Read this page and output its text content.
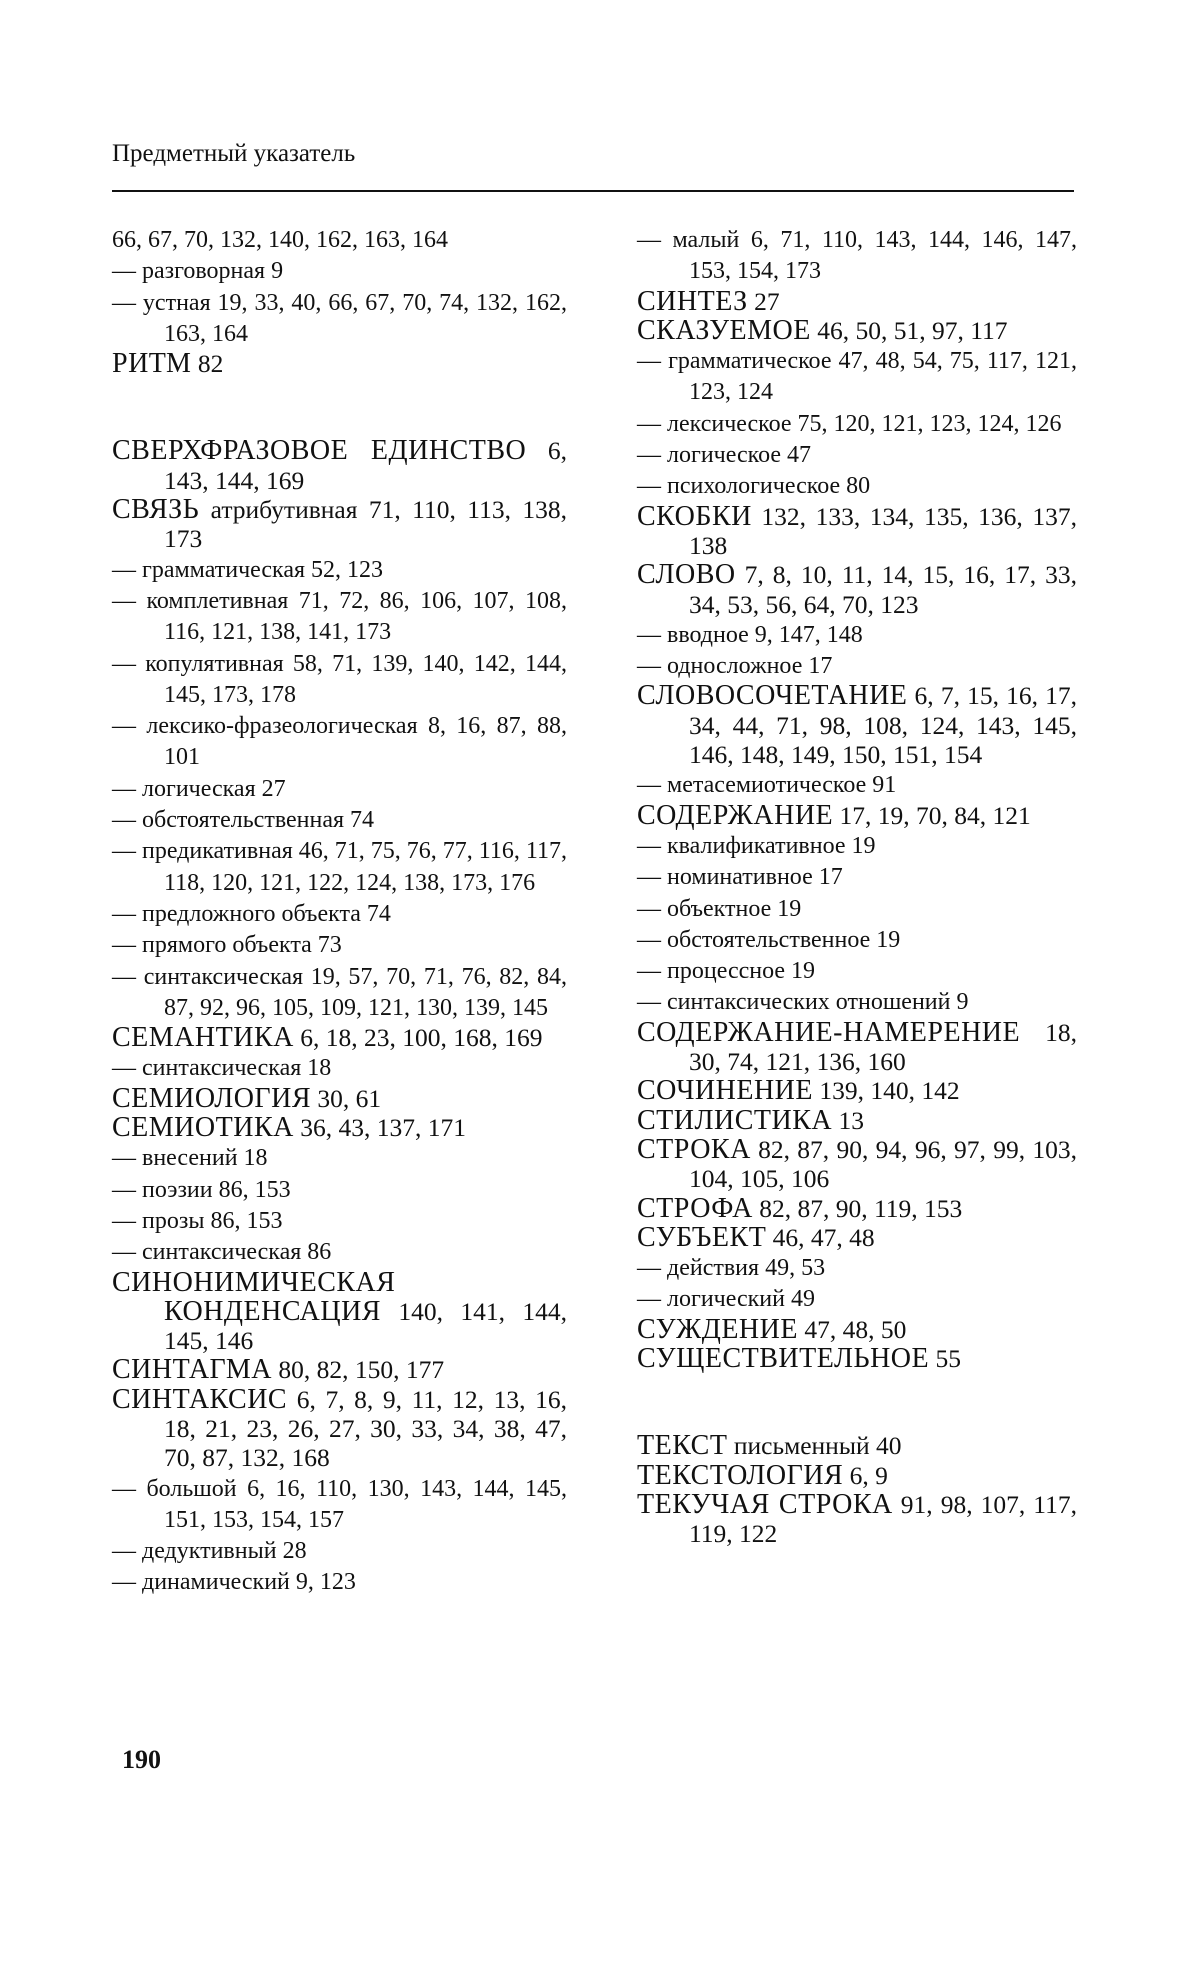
Предметный указатель
66, 67, 70, 132, 140, 162, 163, 164
— разговорная 9
— устная 19, 33, 40, 66, 67, 70, 74, 132, 162, 163, 164
РИТМ 82
СВЕРХФРАЗОВОЕ ЕДИНСТВО 6, 143, 144, 169
СВЯЗЬ атрибутивная 71, 110, 113, 138, 173
— грамматическая 52, 123
— комплетивная 71, 72, 86, 106, 107, 108, 116, 121, 138, 141, 173
— копулятивная 58, 71, 139, 140, 142, 144, 145, 173, 178
— лексико-фразеологическая 8, 16, 87, 88, 101
— логическая 27
— обстоятельственная 74
— предикативная 46, 71, 75, 76, 77, 116, 117, 118, 120, 121, 122, 124, 138, 173, 176
— предложного объекта 74
— прямого объекта 73
— синтаксическая 19, 57, 70, 71, 76, 82, 84, 87, 92, 96, 105, 109, 121, 130, 139, 145
СЕМАНТИКА 6, 18, 23, 100, 168, 169
— синтаксическая 18
СЕМИОЛОГИЯ 30, 61
СЕМИОТИКА 36, 43, 137, 171
— внесений 18
— поэзии 86, 153
— прозы 86, 153
— синтаксическая 86
СИНОНИМИЧЕСКАЯ КОНДЕНСАЦИЯ 140, 141, 144, 145, 146
СИНТАГМА 80, 82, 150, 177
СИНТАКСИС 6, 7, 8, 9, 11, 12, 13, 16, 18, 21, 23, 26, 27, 30, 33, 34, 38, 47, 70, 87, 132, 168
— большой 6, 16, 110, 130, 143, 144, 145, 151, 153, 154, 157
— дедуктивный 28
— динамический 9, 123
— малый 6, 71, 110, 143, 144, 146, 147, 153, 154, 173
СИНТЕЗ 27
СКАЗУЕМОЕ 46, 50, 51, 97, 117
— грамматическое 47, 48, 54, 75, 117, 121, 123, 124
— лексическое 75, 120, 121, 123, 124, 126
— логическое 47
— психологическое 80
СКОБКИ 132, 133, 134, 135, 136, 137, 138
СЛОВО 7, 8, 10, 11, 14, 15, 16, 17, 33, 34, 53, 56, 64, 70, 123
— вводное 9, 147, 148
— односложное 17
СЛОВОСОЧЕТАНИЕ 6, 7, 15, 16, 17, 34, 44, 71, 98, 108, 124, 143, 145, 146, 148, 149, 150, 151, 154
— метасемиотическое 91
СОДЕРЖАНИЕ 17, 19, 70, 84, 121
— квалификативное 19
— номинативное 17
— объектное 19
— обстоятельственное 19
— процессное 19
— синтаксических отношений 9
СОДЕРЖАНИЕ-НАМЕРЕНИЕ 18, 30, 74, 121, 136, 160
СОЧИНЕНИЕ 139, 140, 142
СТИЛИСТИКА 13
СТРОКА 82, 87, 90, 94, 96, 97, 99, 103, 104, 105, 106
СТРОФА 82, 87, 90, 119, 153
СУБЪЕКТ 46, 47, 48
— действия 49, 53
— логический 49
СУЖДЕНИЕ 47, 48, 50
СУЩЕСТВИТЕЛЬНОЕ 55
ТЕКСТ письменный 40
ТЕКСТОЛОГИЯ 6, 9
ТЕКУЧАЯ СТРОКА 91, 98, 107, 117, 119, 122
190
